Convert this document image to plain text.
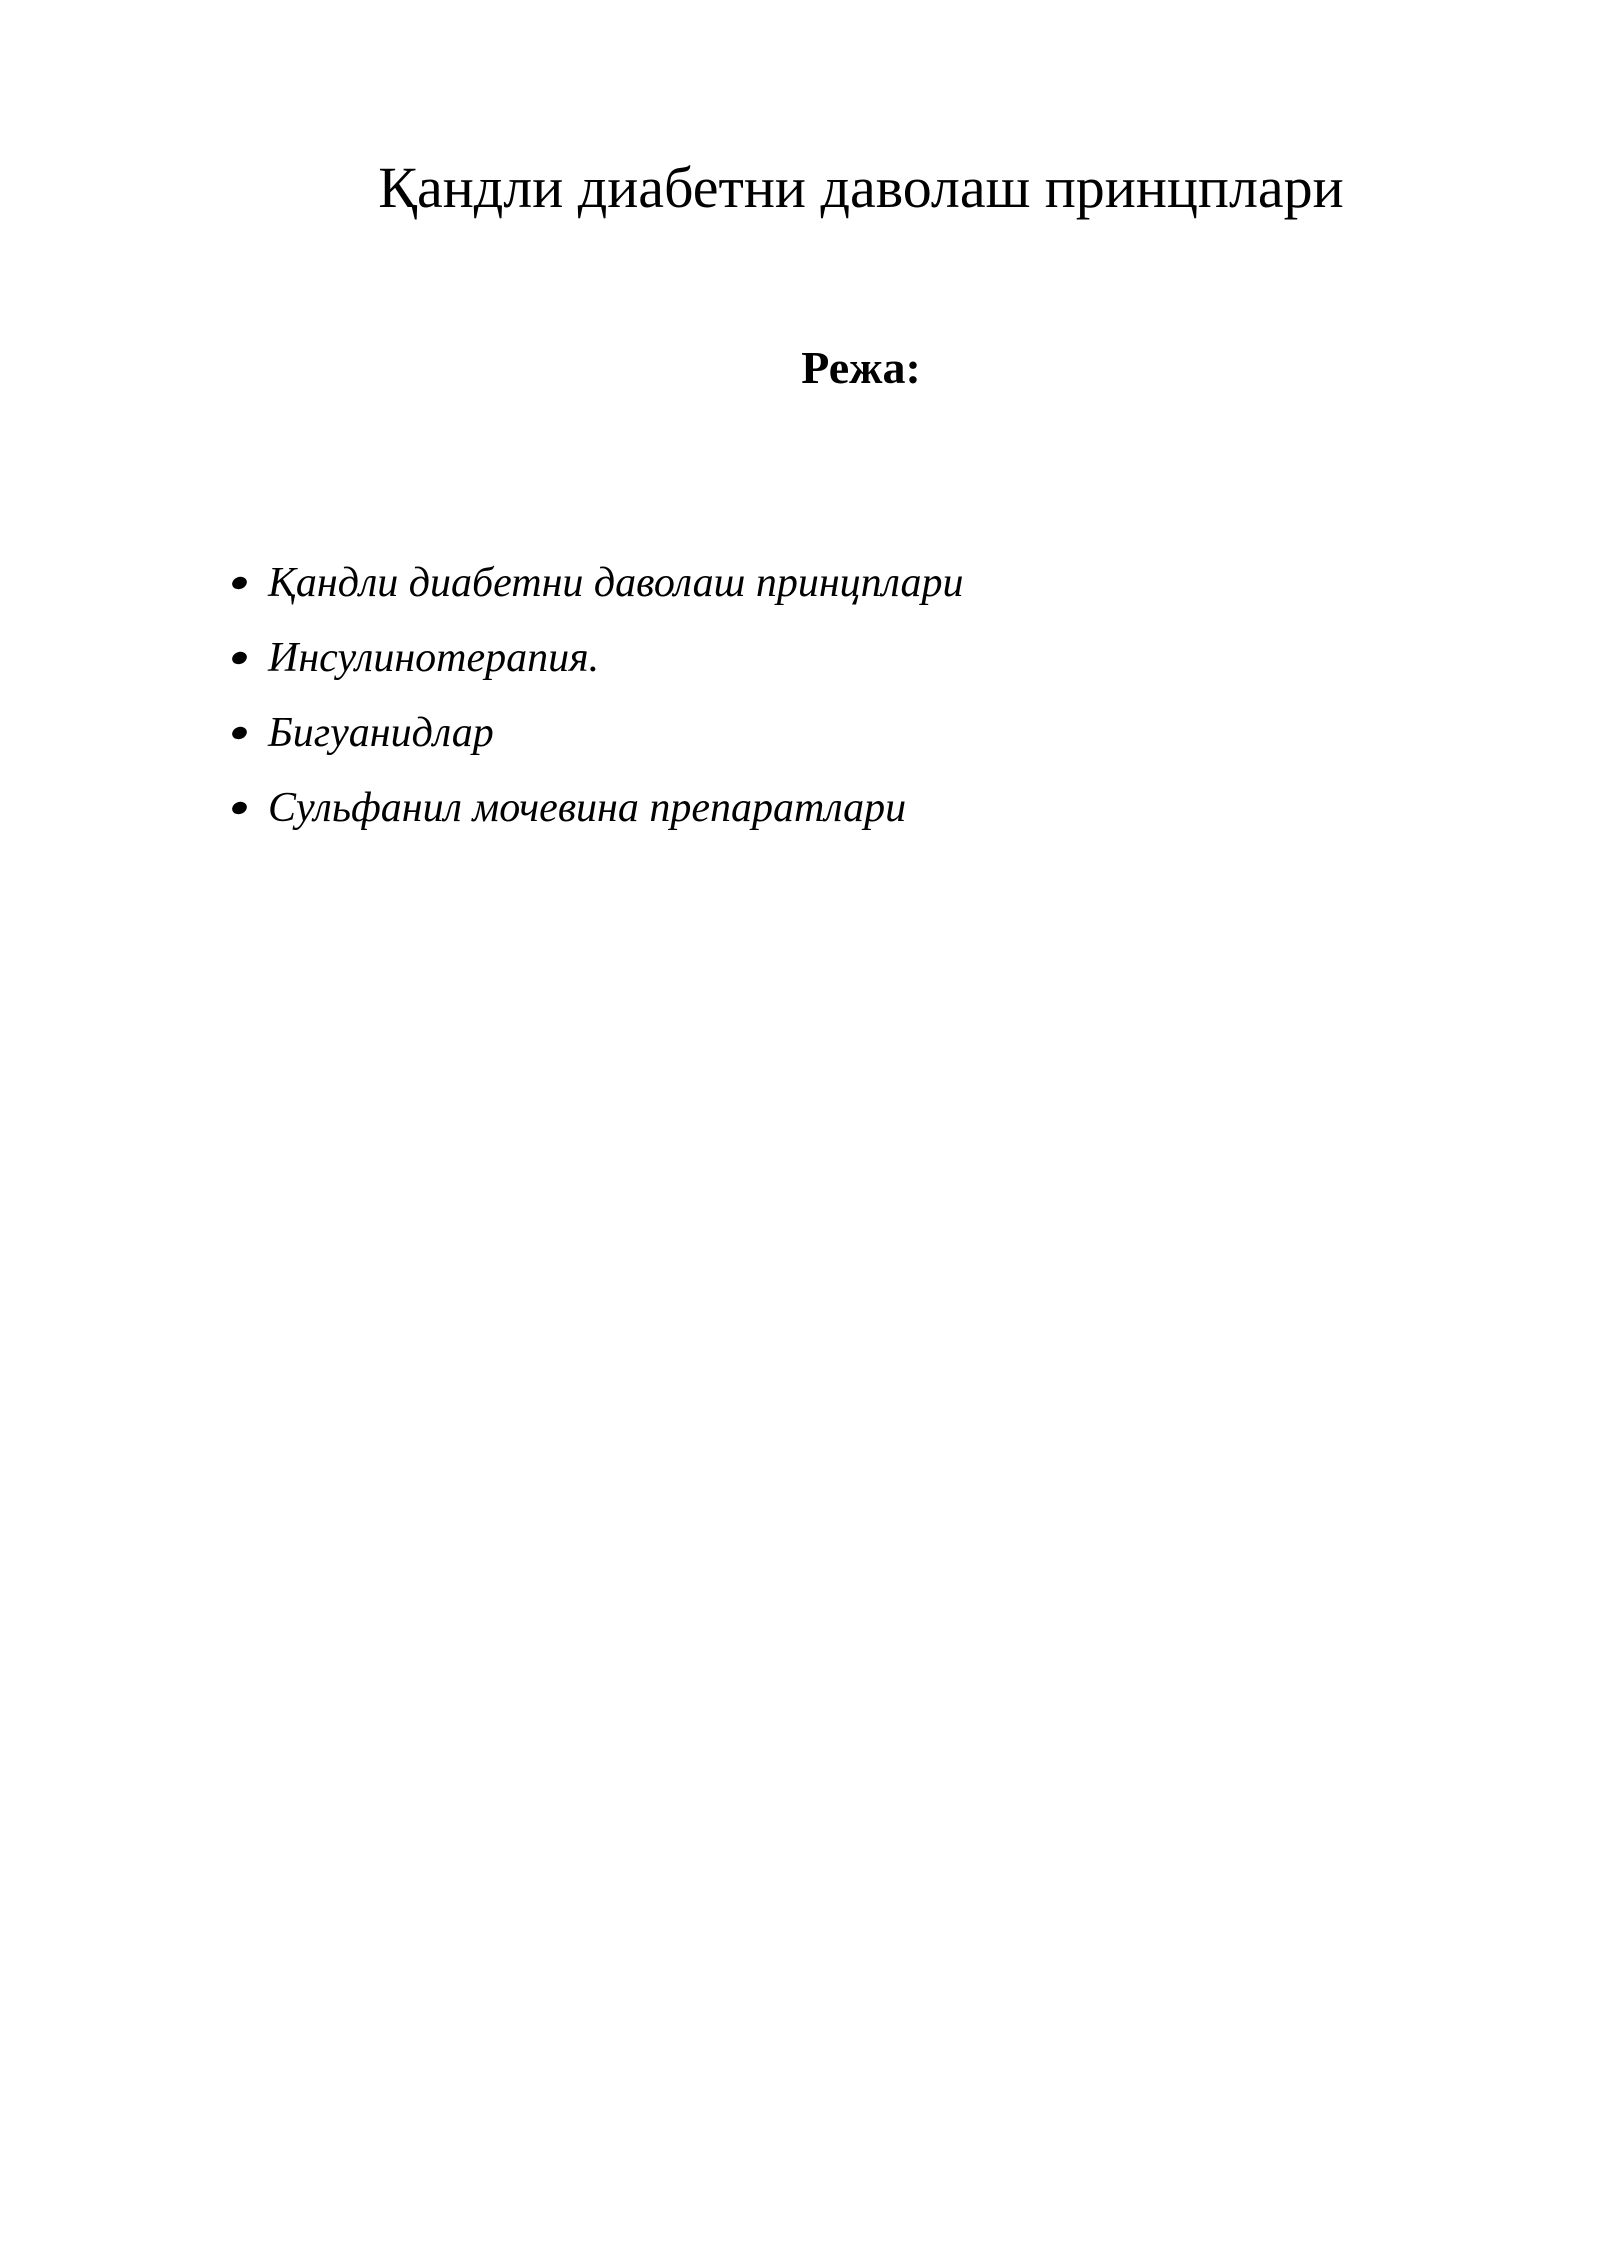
Қандли диабетни даволаш принцплари
Режа:
Қандли диабетни даволаш принцплари
Инсулинотерапия.
Бигуанидлар
Сульфанил мочевина препаратлари
